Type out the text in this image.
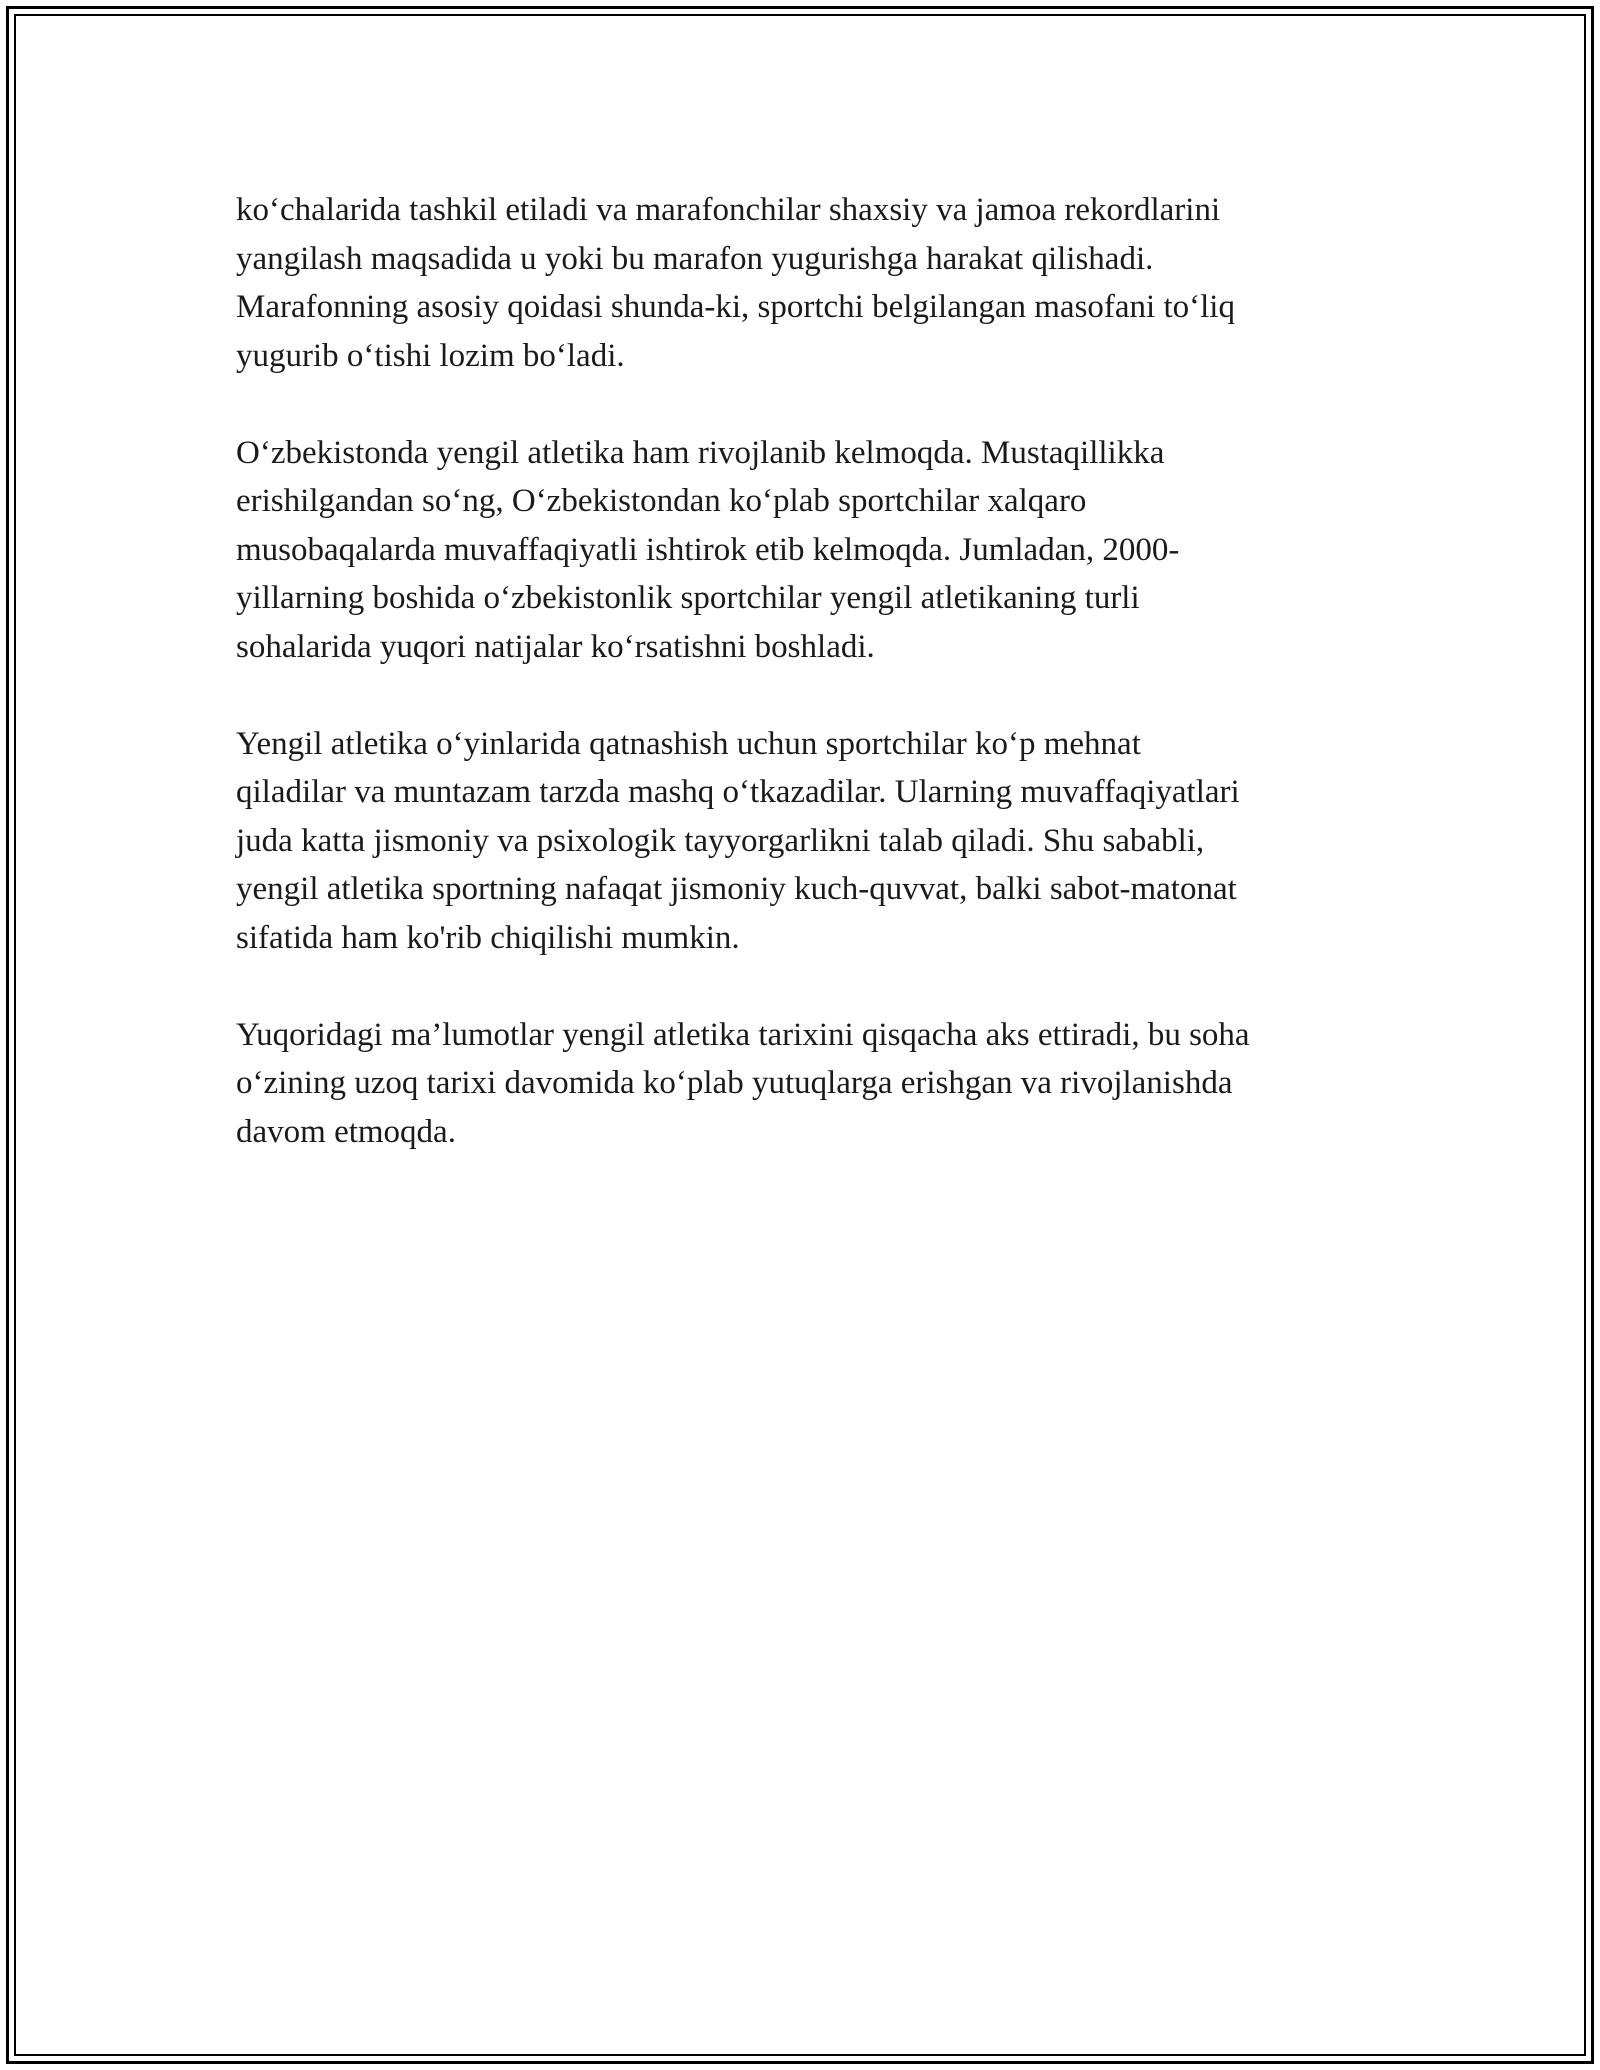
ko‘chalarida tashkil etiladi va marafonchilar shaxsiy va jamoa rekordlarini
yangilash maqsadida u yoki bu marafon yugurishga harakat qilishadi.
Marafonning asosiy qoidasi shunda-ki, sportchi belgilangan masofani to‘liq
yugurib o‘tishi lozim bo‘ladi.

O‘zbekistonda yengil atletika ham rivojlanib kelmoqda. Mustaqillikka
erishilgandan so‘ng, O‘zbekistondan ko‘plab sportchilar xalqaro
musobaqalarda muvaffaqiyatli ishtirok etib kelmoqda. Jumladan, 2000-
yillarning boshida o‘zbekistonlik sportchilar yengil atletikaning turli
sohalarida yuqori natijalar ko‘rsatishni boshladi.

Yengil atletika o‘yinlarida qatnashish uchun sportchilar ko‘p mehnat
qiladilar va muntazam tarzda mashq o‘tkazadilar. Ularning muvaffaqiyatlari
juda katta jismoniy va psixologik tayyorgarlikni talab qiladi. Shu sababli,
yengil atletika sportning nafaqat jismoniy kuch-quvvat, balki sabot-matonat
sifatida ham ko'rib chiqilishi mumkin.

Yuqoridagi ma’lumotlar yengil atletika tarixini qisqacha aks ettiradi, bu soha
o‘zining uzoq tarixi davomida ko‘plab yutuqlarga erishgan va rivojlanishda
davom etmoqda.
